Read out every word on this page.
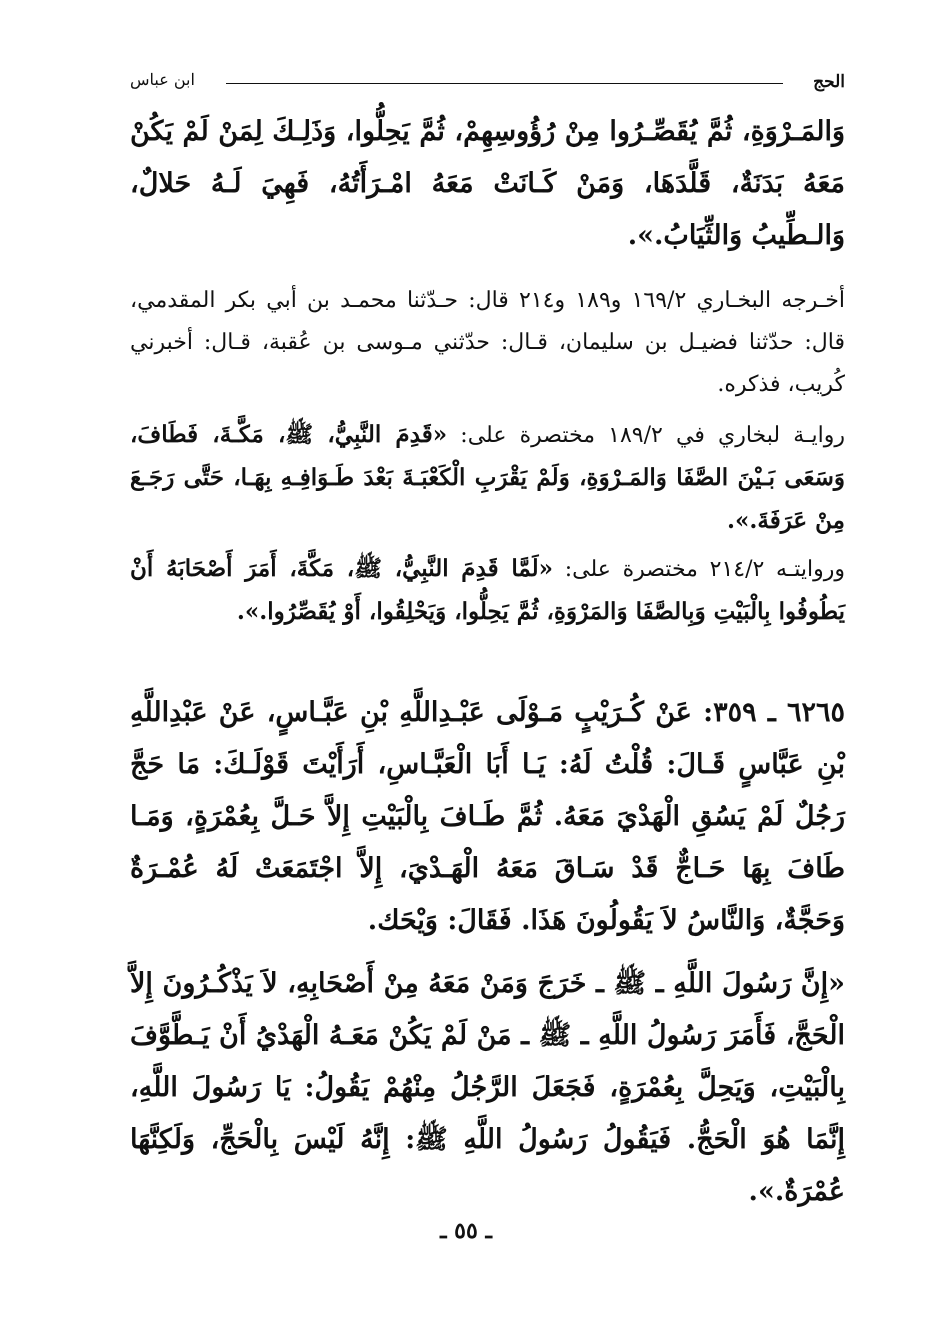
الحج
ابن عباس
وَالمَـرْوَةِ، ثُمَّ يُقَصِّـرُوا مِنْ رُؤُوسِهِمْ، ثُمَّ يَحِلُّوا، وَذَلِـكَ لِمَنْ لَمْ يَكُنْ مَعَهُ بَدَنَةٌ، قَلَّدَهَا، وَمَنْ كَـانَتْ مَعَهُ امْـرَأَتُهُ، فَهِيَ لَـهُ حَلالٌ، وَالـطِّيبُ وَالثِّيَابُ.».
أخـرجه البخـاري ١٦٩/٢ و١٨٩ و٢١٤ قال: حـدّثنا محمـد بن أبي بكر المقدمي، قال: حدّثنا فضيـل بن سليمان، قـال: حدّثني مـوسى بن عُقبة، قـال: أخبرني كُريب، فذكره.
روايـة لبخاري في ١٨٩/٢ مختصرة على: «قَدِمَ النَّبِيُّ، ﷺ، مَكَّـةَ، فَطَافَ، وَسَعَى بَـيْنَ الصَّفَا وَالمَـرْوَةِ، وَلَمْ يَقْرَبِ الْكَعْبَـةَ بَعْدَ طَـوَافِـهِ بِهَـا، حَتَّى رَجَـعَ مِنْ عَرَفَةَ.».
وروايتـه ٢١٤/٢ مختصرة على: «لَمَّا قَدِمَ النَّبِيُّ، ﷺ، مَكَّةَ، أَمَرَ أَصْحَابَهُ أَنْ يَطُوفُوا بِالْبَيْتِ وَبِالصَّفَا وَالمَرْوَةِ، ثُمَّ يَحِلُّوا، وَيَحْلِقُوا، أَوْ يُقَصِّرُوا.».
٦٢٦٥ ـ ٣٥٩: عَنْ كُـرَيْبٍ مَـوْلَى عَبْـدِاللَّهِ بْنِ عَبَّـاسٍ، عَنْ عَبْدِاللَّهِ بْنِ عَبَّاسٍ قَـالَ: قُلْتُ لَهُ: يَـا أَبَا الْعَبَّـاسِ، أَرَأَيْتَ قَوْلَـكَ: مَا حَجَّ رَجُلٌ لَمْ يَسُقِ الْهَدْيَ مَعَهُ. ثُمَّ طَـافَ بِالْبَيْتِ إِلاَّ حَـلَّ بِعُمْرَةٍ، وَمَـا طَافَ بِهَا حَـاجٌّ قَدْ سَـاقَ مَعَهُ الْهَـدْيَ، إِلاَّ اجْتَمَعَتْ لَهُ عُمْـرَةٌ وَحَجَّةٌ، وَالنَّاسُ لاَ يَقُولُونَ هَذَا. فَقَالَ: وَيْحَك.
«إِنَّ رَسُولَ اللَّهِ ـ ﷺ ـ خَرَجَ وَمَنْ مَعَهُ مِنْ أَصْحَابِهِ، لاَ يَذْكُـرُونَ إِلاَّ الْحَجَّ، فَأَمَرَ رَسُولُ اللَّهِ ـ ﷺ ـ مَنْ لَمْ يَكُنْ مَعَـهُ الْهَدْيُ أَنْ يَـطَّوَّفَ بِالْبَيْتِ، وَيَحِلَّ بِعُمْرَةٍ، فَجَعَلَ الرَّجُلُ مِنْهُمْ يَقُولُ: يَا رَسُولَ اللَّهِ، إِنَّمَا هُوَ الْحَجُّ. فَيَقُولُ رَسُولُ اللَّهِ ﷺ: إِنَّهُ لَيْسَ بِالْحَجِّ، وَلَكِنَّهَا عُمْرَةٌ.».
ـ ٥٥ ـ
